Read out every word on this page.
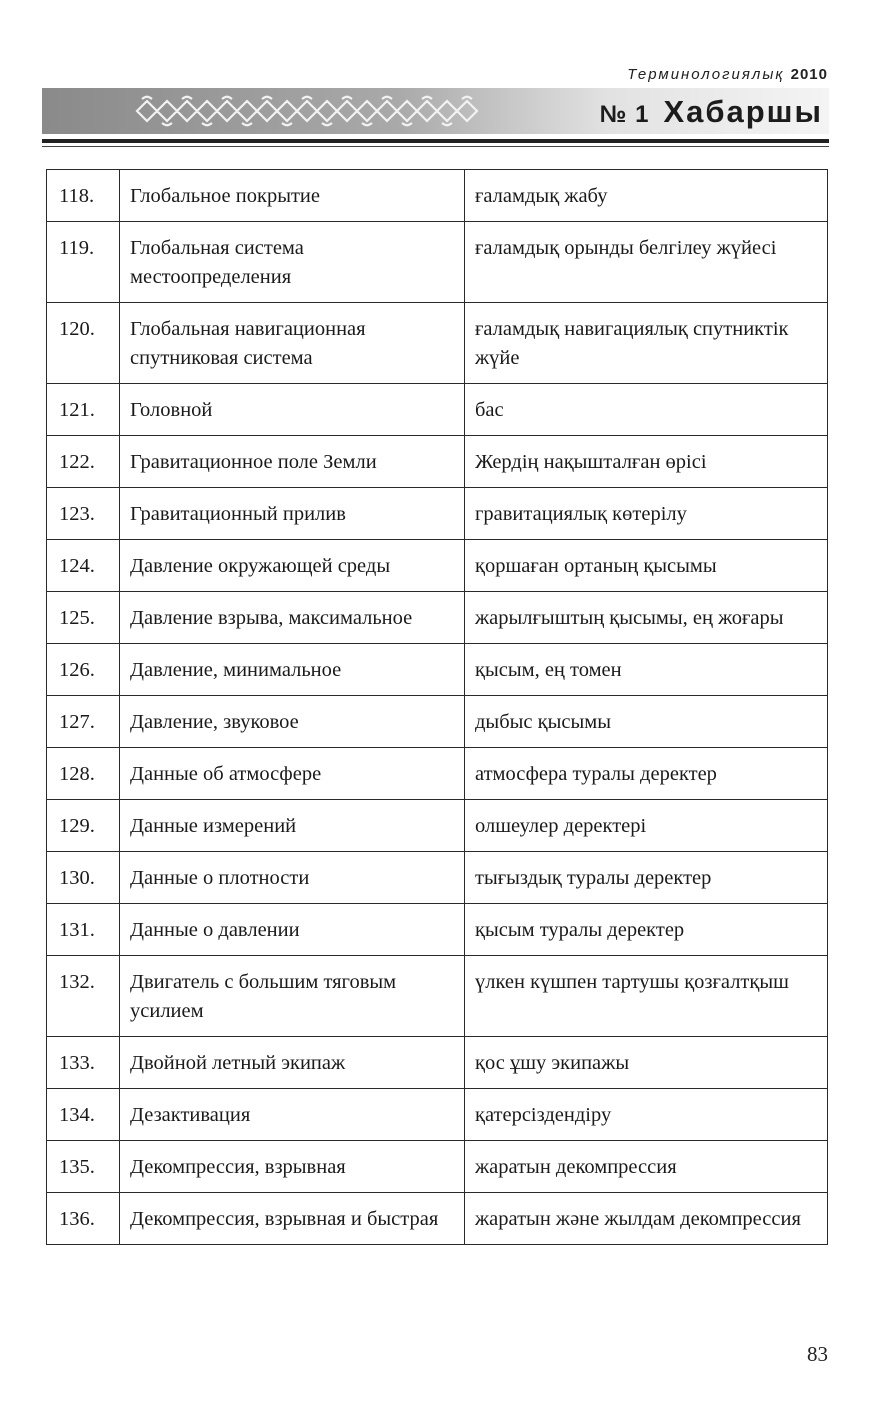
Терминологиялық 2010
№ 1 Хабаршы
118.	Глобальное покрытие	ғаламдық жабу
119.	Глобальная система местоопределения	ғаламдық орынды белгілеу жүйесі
120.	Глобальная навигационная спутниковая система	ғаламдық навигациялық спутниктік жүйе
121.	Головной	бас
122.	Гравитационное поле Земли	Жердің нақышталған өрісі
123.	Гравитационный прилив	гравитациялық көтерілу
124.	Давление окружающей среды	қоршаған ортаның қысымы
125.	Давление взрыва, максимальное	жарылғыштың қысымы, ең жоғары
126.	Давление, минимальное	қысым, ең томен
127.	Давление, звуковое	дыбыс қысымы
128.	Данные об атмосфере	атмосфера туралы деректер
129.	Данные измерений	олшеулер деректері
130.	Данные о плотности	тығыздық туралы деректер
131.	Данные о давлении	қысым туралы деректер
132.	Двигатель с большим тяговым усилием	үлкен күшпен тартушы қозғалтқыш
133.	Двойной летный экипаж	қос ұшу экипажы
134.	Дезактивация	қатерсіздендіру
135.	Декомпрессия, взрывная	жаратын декомпрессия
136.	Декомпрессия, взрывная и быстрая	жаратын және жылдам декомпрессия
83
